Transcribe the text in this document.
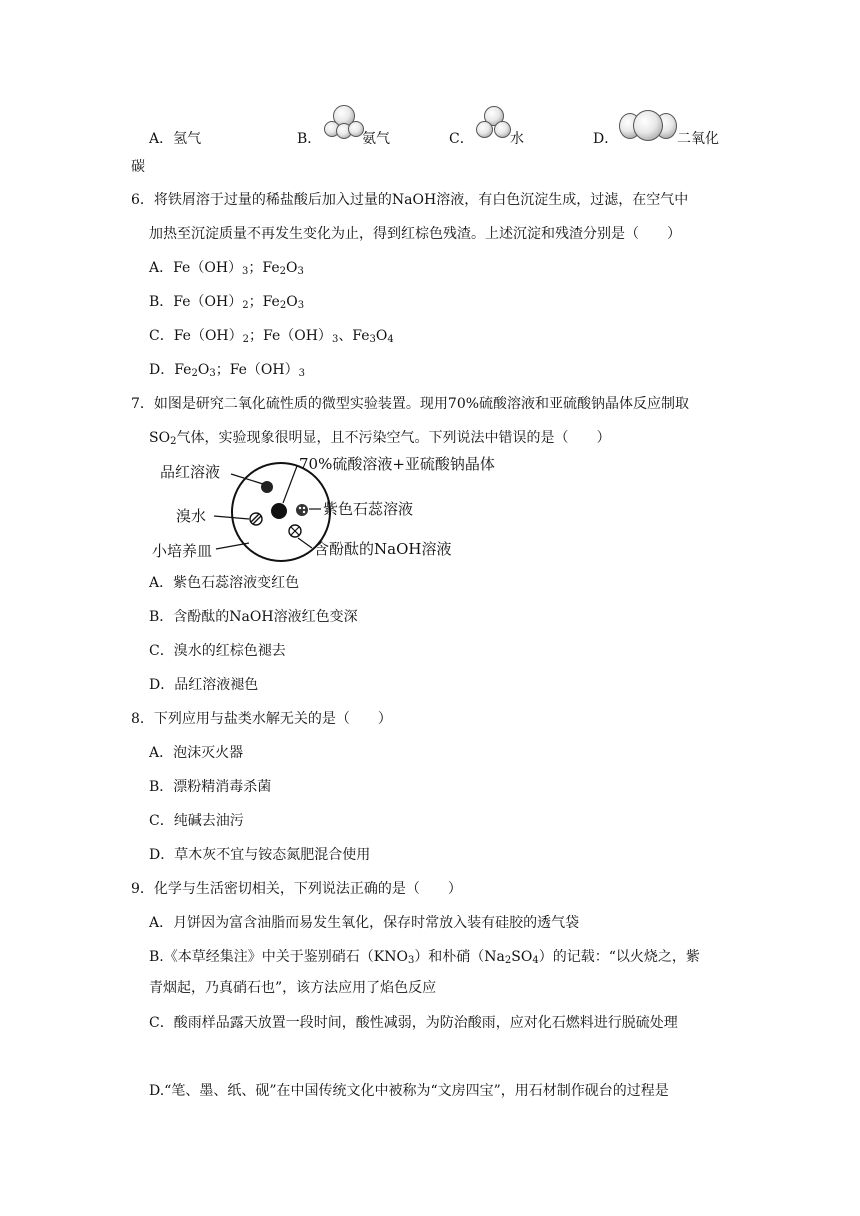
A．氢气	B．	氨气	C．	水	D．	二氧化
碳
6．将铁屑溶于过量的稀盐酸后加入过量的NaOH溶液，有白色沉淀生成，过滤，在空气中
加热至沉淀质量不再发生变化为止，得到红棕色残渣。上述沉淀和残渣分别是（　　）
A．$Fe(OH)_3$；$Fe_2O_3$
B．$Fe(OH)_2$；$Fe_2O_3$
C．$Fe(OH)_2$；$Fe(OH)_3$、$Fe_3O_4$
D．$Fe_2O_3$；$Fe(OH)_3$
7．如图是研究二氧化硫性质的微型实验装置。现用70%硫酸溶液和亚硫酸钠晶体反应制取
$SO_2$气体，实验现象很明显，且不污染空气。下列说法中错误的是（　　）
品红溶液	70%硫酸溶液+亚硫酸钠晶体
溴水	紫色石蕊溶液
小培养皿	含酚酞的NaOH溶液
A．紫色石蕊溶液变红色
B．含酚酞的NaOH溶液红色变深
C．溴水的红棕色褪去
D．品红溶液褪色
8．下列应用与盐类水解无关的是（　　）
A．泡沫灭火器
B．漂粉精消毒杀菌
C．纯碱去油污
D．草木灰不宜与铵态氮肥混合使用
9．化学与生活密切相关，下列说法正确的是（　　）
A．月饼因为富含油脂而易发生氧化，保存时常放入装有硅胶的透气袋
B.《本草经集注》中关于鉴别硝石$(KNO_3)$和朴硝$(Na_2SO_4)$的记载：“以火烧之，紫
青烟起，乃真硝石也”，该方法应用了焰色反应
C．酸雨样品露天放置一段时间，酸性减弱，为防治酸雨，应对化石燃料进行脱硫处理
D.“笔、墨、纸、砚”在中国传统文化中被称为“文房四宝”，用石材制作砚台的过程是
